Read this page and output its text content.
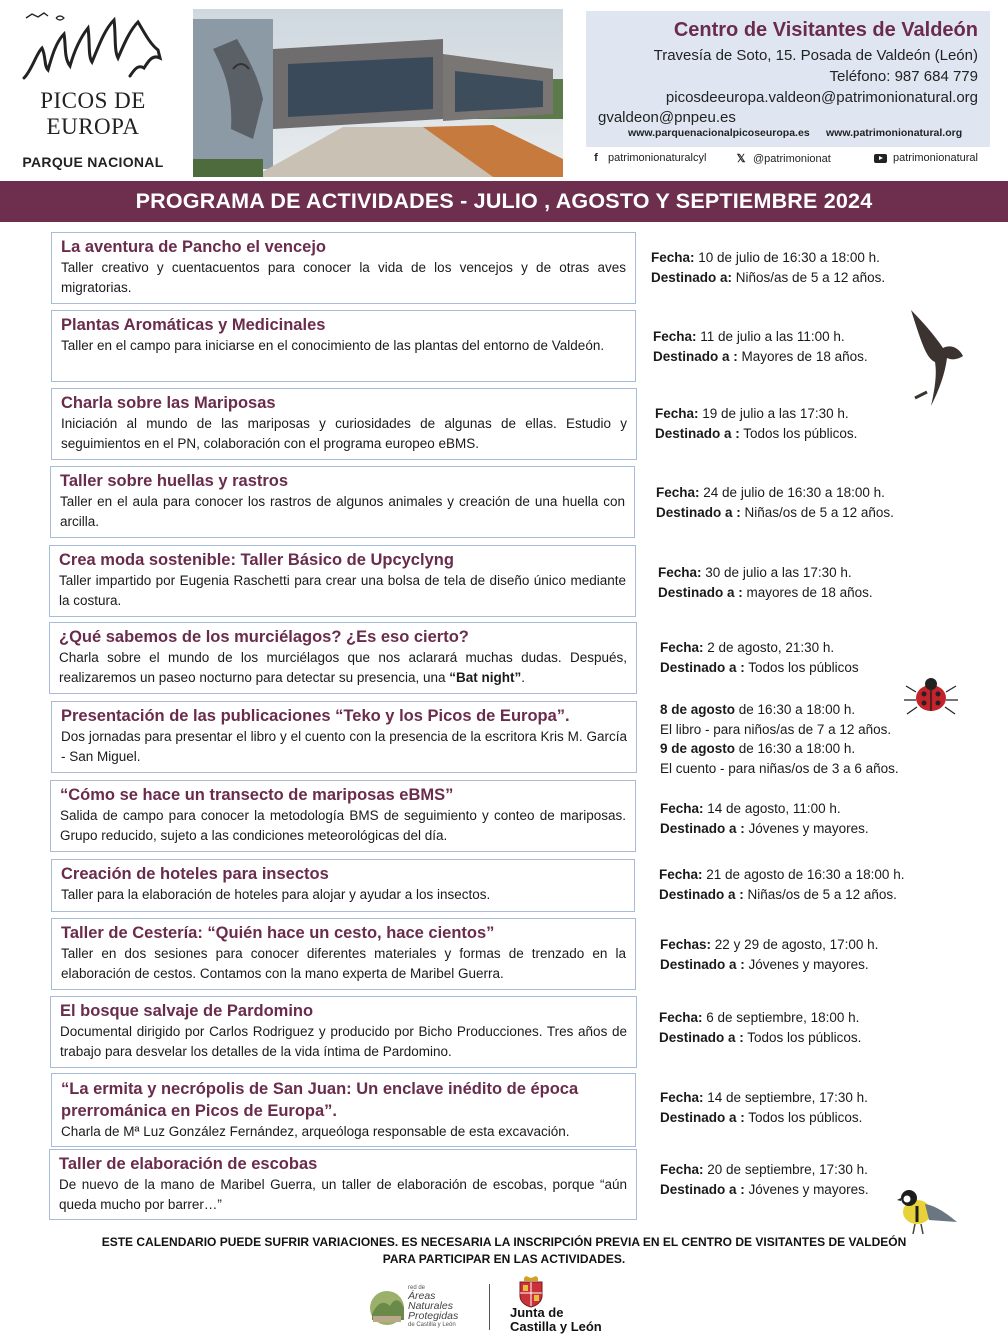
PICOS DE
EUROPA
PARQUE NACIONAL
Centro de Visitantes de Valdeón
Travesía de Soto, 15. Posada de Valdeón (León)
Teléfono: 987 684 779
picosdeeuropa.valdeon@patrimonionatural.org
gvaldeon@pnpeu.es
www.parquenacionalpicoseuropa.es www.patrimonionatural.org
f patrimonionaturalcyl	𝕏 @patrimonionat	patrimonionatural
PROGRAMA DE ACTIVIDADES - JULIO , AGOSTO Y SEPTIEMBRE 2024
La aventura de Pancho el vencejo
Taller creativo y cuentacuentos para conocer la vida de los vencejos y de otras aves migratorias.
Fecha: 10 de julio de 16:30 a 18:00 h.
Destinado a: Niños/as de 5 a 12 años.
Plantas Aromáticas y Medicinales
Taller en el campo para iniciarse en el conocimiento de las plantas del entorno de Valdeón.
Fecha: 11 de julio a las 11:00 h.
Destinado a : Mayores de 18 años.
Charla sobre las Mariposas
Iniciación al mundo de las mariposas y curiosidades de algunas de ellas. Estudio y seguimientos en el PN, colaboración con el programa europeo eBMS.
Fecha: 19 de julio a las 17:30 h.
Destinado a : Todos los públicos.
Taller sobre huellas y rastros
Taller en el aula para conocer los rastros de algunos animales y creación de una huella con arcilla.
Fecha: 24 de julio de 16:30 a 18:00 h.
Destinado a : Niñas/os de 5 a 12 años.
Crea moda sostenible: Taller Básico de Upcyclyng
Taller impartido por Eugenia Raschetti para crear una bolsa de tela de diseño único mediante la costura.
Fecha: 30 de julio a las 17:30 h.
Destinado a : mayores de 18 años.
¿Qué sabemos de los murciélagos? ¿Es eso cierto?
Charla sobre el mundo de los murciélagos que nos aclarará muchas dudas. Después, realizaremos un paseo nocturno para detectar su presencia, una “Bat night”.
Fecha: 2 de agosto, 21:30 h.
Destinado a : Todos los públicos
Presentación de las publicaciones “Teko y los Picos de Europa”.
Dos jornadas para presentar el libro y el cuento con la presencia de la escritora Kris M. García - San Miguel.
8 de agosto de 16:30 a 18:00 h.
El libro - para niños/as de 7 a 12 años.
9 de agosto de 16:30 a 18:00 h.
El cuento - para niñas/os de 3 a 6 años.
“Cómo se hace un transecto de mariposas eBMS”
Salida de campo para conocer la metodología BMS de seguimiento y conteo de mariposas. Grupo reducido, sujeto a las condiciones meteorológicas del día.
Fecha: 14 de agosto, 11:00 h.
Destinado a : Jóvenes y mayores.
Creación de hoteles para insectos
Taller para la elaboración de hoteles para alojar y ayudar a los insectos.
Fecha: 21 de agosto de 16:30 a 18:00 h.
Destinado a : Niñas/os de 5 a 12 años.
Taller de Cestería: “Quién hace un cesto, hace cientos”
Taller en dos sesiones para conocer diferentes materiales y formas de trenzado en la elaboración de cestos. Contamos con la mano experta de Maribel Guerra.
Fechas: 22 y 29 de agosto, 17:00 h.
Destinado a : Jóvenes y mayores.
El bosque salvaje de Pardomino
Documental dirigido por Carlos Rodriguez y producido por Bicho Producciones. Tres años de trabajo para desvelar los detalles de la vida íntima de Pardomino.
Fecha: 6 de septiembre, 18:00 h.
Destinado a : Todos los públicos.
“La ermita y necrópolis de San Juan: Un enclave inédito de época prerrománica en Picos de Europa”.
Charla de Mª Luz González Fernández, arqueóloga responsable de esta excavación.
Fecha: 14 de septiembre, 17:30 h.
Destinado a : Todos los públicos.
Taller de elaboración de escobas
De nuevo de la mano de Maribel Guerra, un taller de elaboración de escobas, porque “aún queda mucho por barrer…”
Fecha: 20 de septiembre, 17:30 h.
Destinado a : Jóvenes y mayores.
ESTE CALENDARIO PUEDE SUFRIR VARIACIONES. ES NECESARIA LA INSCRIPCIÓN PREVIA EN EL CENTRO DE VISITANTES DE VALDEÓN
PARA PARTICIPAR EN LAS ACTIVIDADES.
red de
Áreas
Naturales
Protegidas
de Castilla y León
Junta de
Castilla y León
